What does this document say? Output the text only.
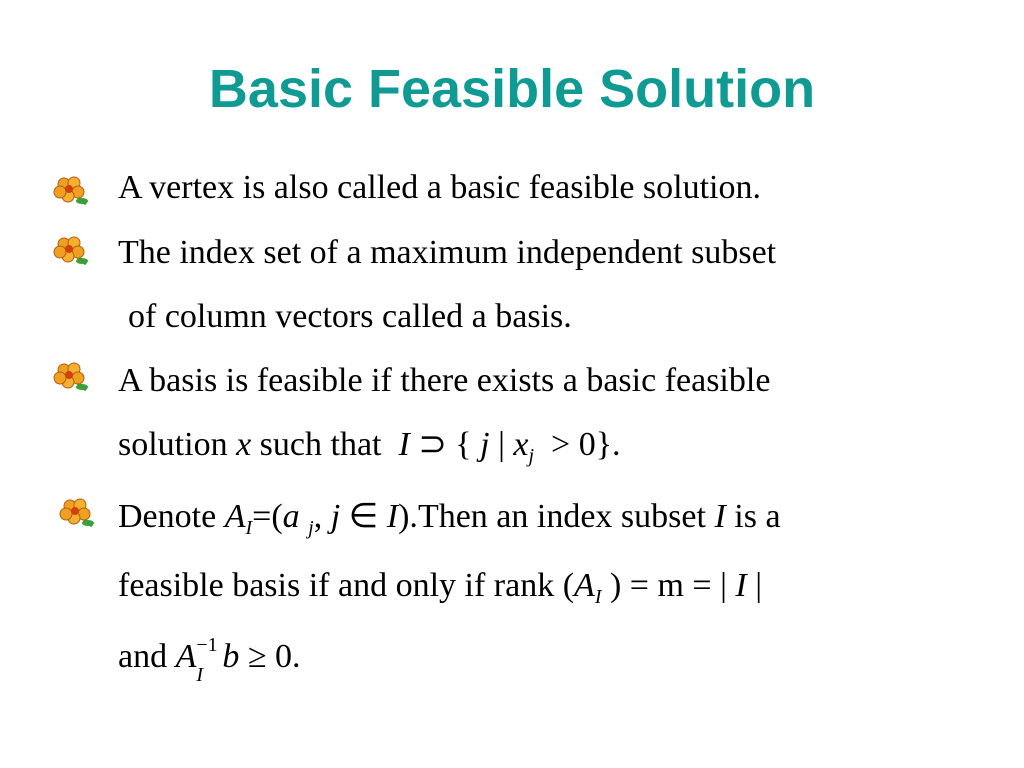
Basic Feasible Solution
A vertex is also called a basic feasible solution.
The index set of a maximum independent subset
of column vectors called a basis.
A basis is feasible if there exists a basic feasible
solution x such that I ⊃ { j | $x_j > 0$}.
Denote $A_I=(a$ $_j$, j ∈ I).Then an index subset I is a
feasible basis if and only if rank ($A_I$ ) = m = | I |
and A −1
I b ≥ 0.
